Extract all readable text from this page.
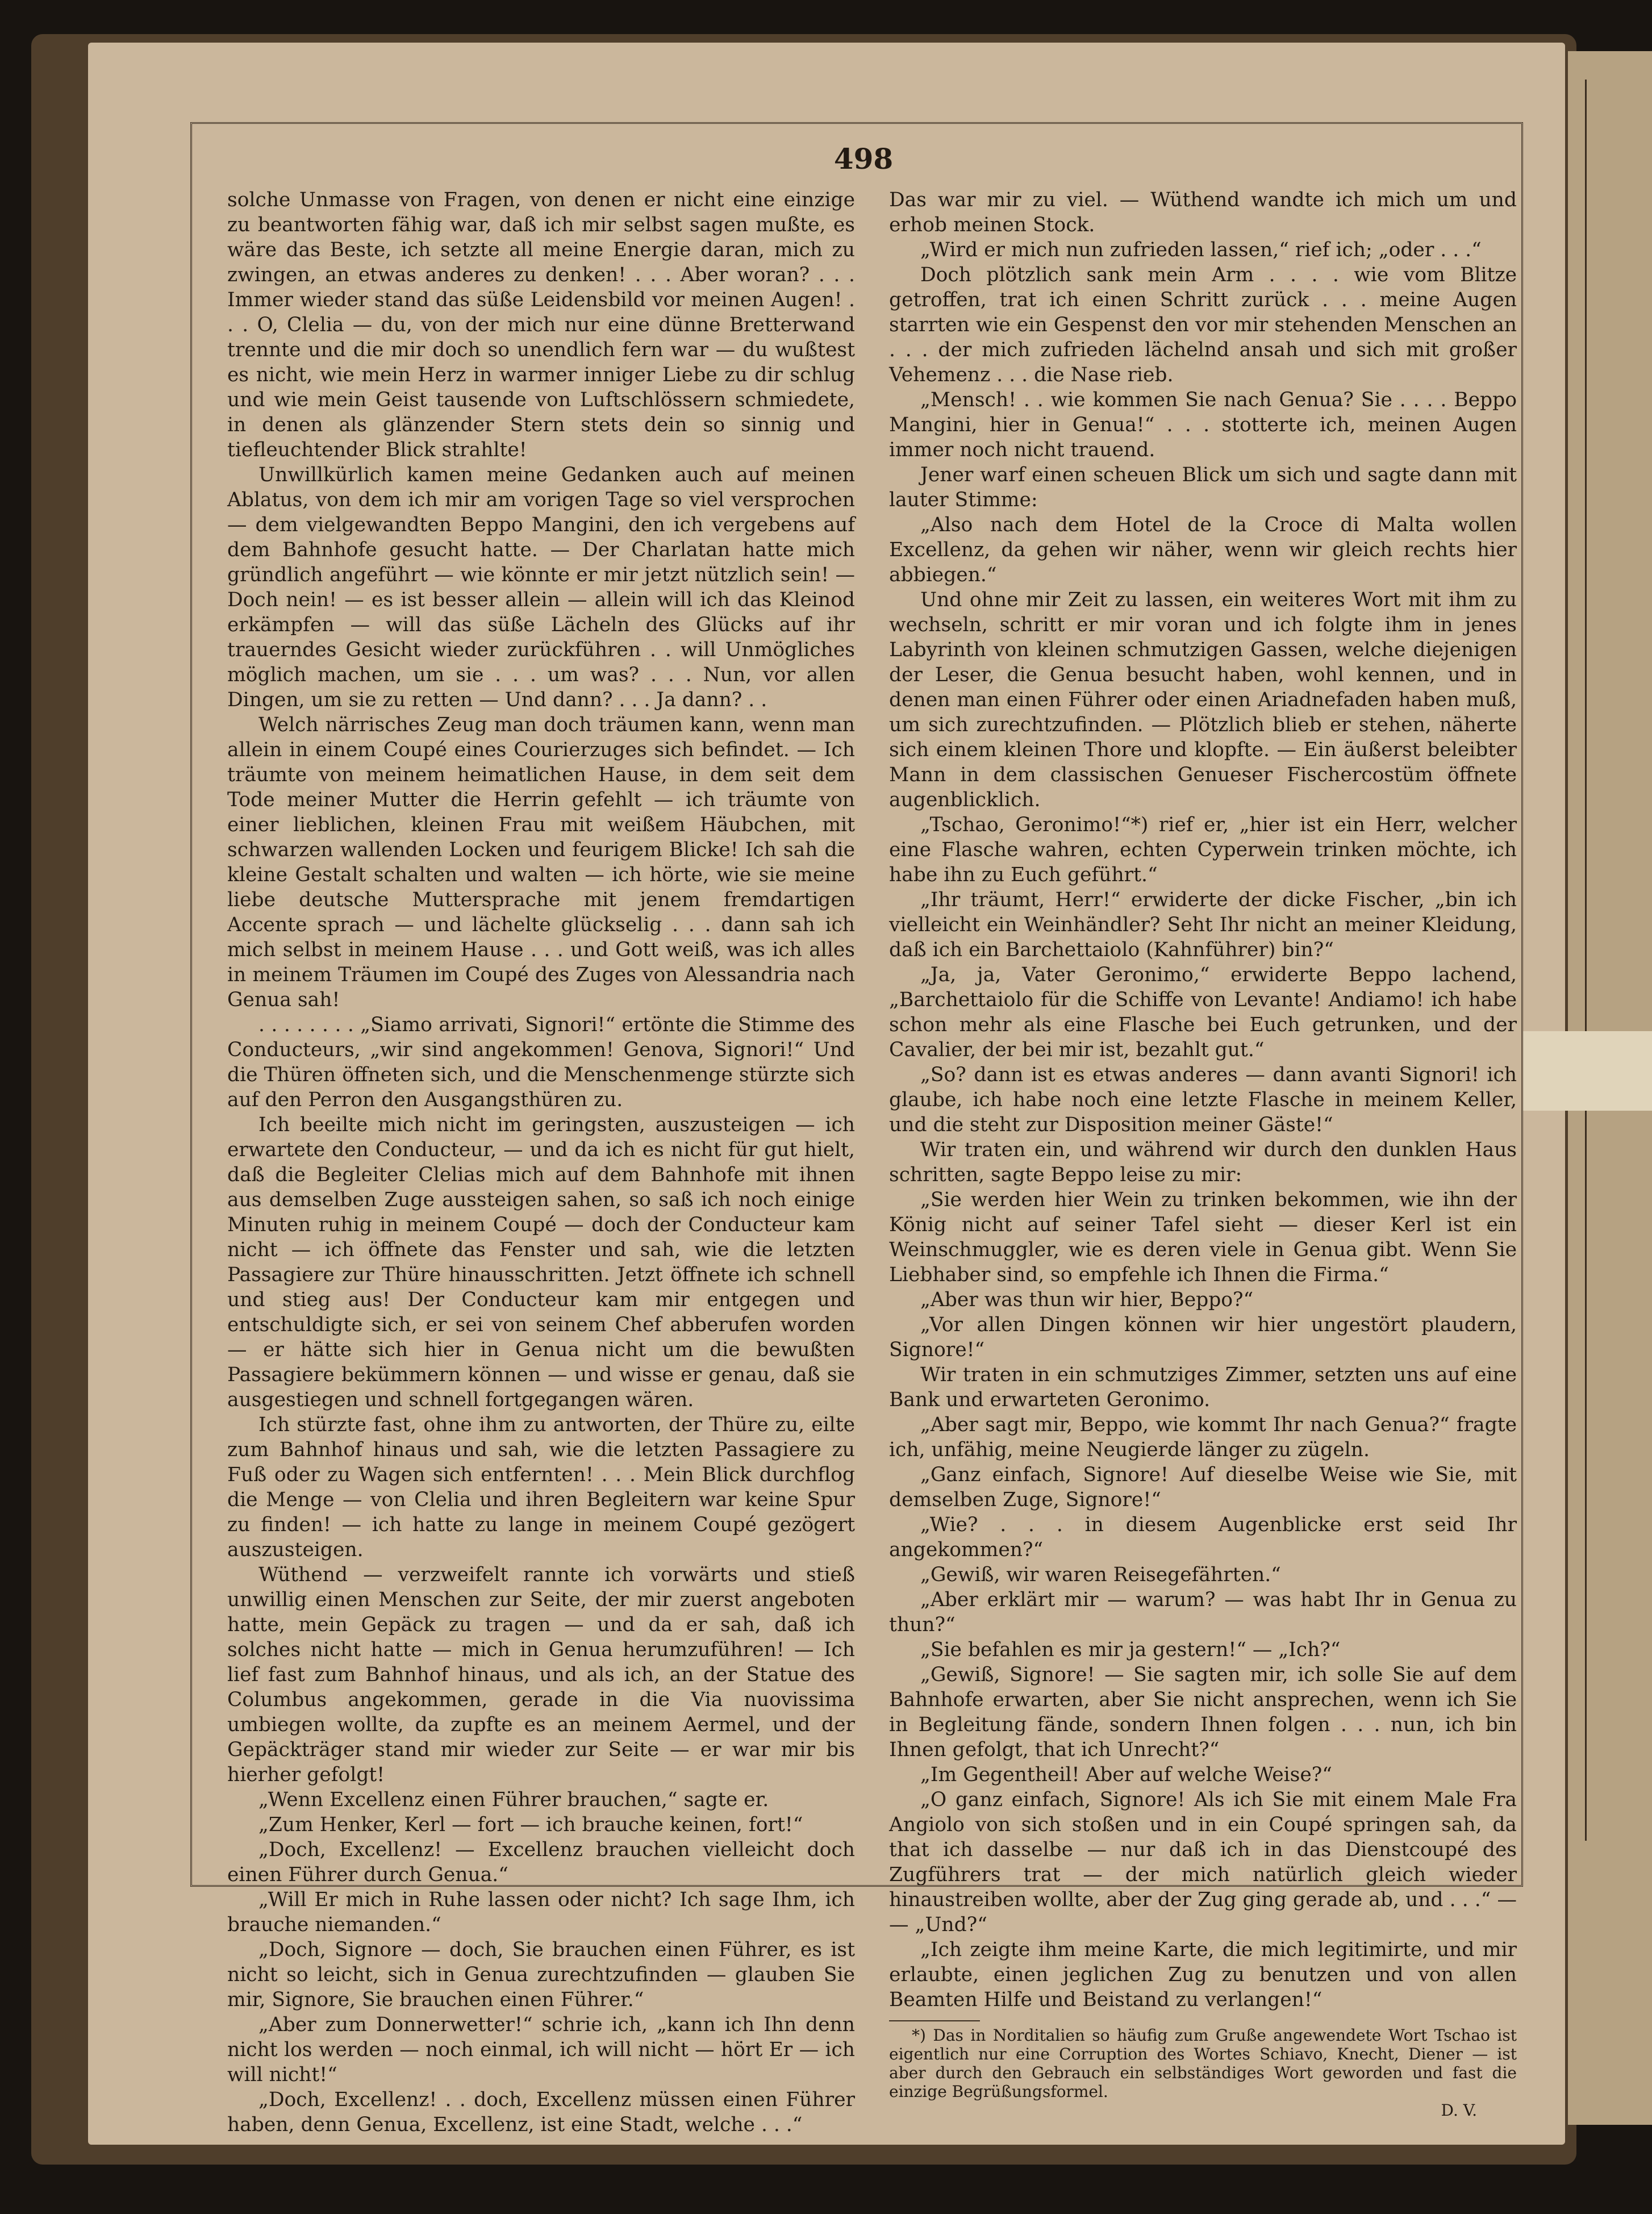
498

solche Unmasse von Fragen, von denen er nicht eine einzige zu beantworten fähig war, daß ich mir selbst sagen mußte, es wäre das Beste, ich setzte all meine Energie daran, mich zu zwingen, an etwas anderes zu denken! . . . Aber woran? . . . Immer wieder stand das süße Leidensbild vor meinen Augen! . . . O, Clelia — du, von der mich nur eine dünne Bretterwand trennte und die mir doch so unendlich fern war — du wußtest es nicht, wie mein Herz in warmer inniger Liebe zu dir schlug und wie mein Geist tausende von Luftschlössern schmiedete, in denen als glänzender Stern stets dein so sinnig und tiefleuchtender Blick strahlte!

Unwillkürlich kamen meine Gedanken auch auf meinen Ablatus, von dem ich mir am vorigen Tage so viel versprochen — dem vielgewandten Beppo Mangini, den ich vergebens auf dem Bahnhofe gesucht hatte. — Der Charlatan hatte mich gründlich angeführt — wie könnte er mir jetzt nützlich sein! — Doch nein! — es ist besser allein — allein will ich das Kleinod erkämpfen — will das süße Lächeln des Glücks auf ihr trauerndes Gesicht wieder zurückführen . . will Unmögliches möglich machen, um sie . . . um was? . . . Nun, vor allen Dingen, um sie zu retten — Und dann? . . . Ja dann? . .

Welch närrisches Zeug man doch träumen kann, wenn man allein in einem Coupé eines Courierzuges sich befindet. — Ich träumte von meinem heimatlichen Hause, in dem seit dem Tode meiner Mutter die Herrin gefehlt — ich träumte von einer lieblichen, kleinen Frau mit weißem Häubchen, mit schwarzen wallenden Locken und feurigem Blicke! Ich sah die kleine Gestalt schalten und walten — ich hörte, wie sie meine liebe deutsche Muttersprache mit jenem fremdartigen Accente sprach — und lächelte glückselig . . . dann sah ich mich selbst in meinem Hause . . . und Gott weiß, was ich alles in meinem Träumen im Coupé des Zuges von Alessandria nach Genua sah!

. . . . . . . . „Siamo arrivati, Signori!“ ertönte die Stimme des Conducteurs, „wir sind angekommen! Genova, Signori!“ Und die Thüren öffneten sich, und die Menschenmenge stürzte sich auf den Perron den Ausgangsthüren zu.

Ich beeilte mich nicht im geringsten, auszusteigen — ich erwartete den Conducteur, — und da ich es nicht für gut hielt, daß die Begleiter Clelias mich auf dem Bahnhofe mit ihnen aus demselben Zuge aussteigen sahen, so saß ich noch einige Minuten ruhig in meinem Coupé — doch der Conducteur kam nicht — ich öffnete das Fenster und sah, wie die letzten Passagiere zur Thüre hinausschritten. Jetzt öffnete ich schnell und stieg aus! Der Conducteur kam mir entgegen und entschuldigte sich, er sei von seinem Chef abberufen worden — er hätte sich hier in Genua nicht um die bewußten Passagiere bekümmern können — und wisse er genau, daß sie ausgestiegen und schnell fortgegangen wären.

Ich stürzte fast, ohne ihm zu antworten, der Thüre zu, eilte zum Bahnhof hinaus und sah, wie die letzten Passagiere zu Fuß oder zu Wagen sich entfernten! . . . Mein Blick durchflog die Menge — von Clelia und ihren Begleitern war keine Spur zu finden! — ich hatte zu lange in meinem Coupé gezögert auszusteigen.

Wüthend — verzweifelt rannte ich vorwärts und stieß unwillig einen Menschen zur Seite, der mir zuerst angeboten hatte, mein Gepäck zu tragen — und da er sah, daß ich solches nicht hatte — mich in Genua herumzuführen! — Ich lief fast zum Bahnhof hinaus, und als ich, an der Statue des Columbus angekommen, gerade in die Via nuovissima umbiegen wollte, da zupfte es an meinem Aermel, und der Gepäckträger stand mir wieder zur Seite — er war mir bis hierher gefolgt!

„Wenn Excellenz einen Führer brauchen,“ sagte er.

„Zum Henker, Kerl — fort — ich brauche keinen, fort!“

„Doch, Excellenz! — Excellenz brauchen vielleicht doch einen Führer durch Genua.“

„Will Er mich in Ruhe lassen oder nicht? Ich sage Ihm, ich brauche niemanden.“

„Doch, Signore — doch, Sie brauchen einen Führer, es ist nicht so leicht, sich in Genua zurechtzufinden — glauben Sie mir, Signore, Sie brauchen einen Führer.“

„Aber zum Donnerwetter!“ schrie ich, „kann ich Ihn denn nicht los werden — noch einmal, ich will nicht — hört Er — ich will nicht!“

„Doch, Excellenz! . . doch, Excellenz müssen einen Führer haben, denn Genua, Excellenz, ist eine Stadt, welche . . .“

Das war mir zu viel. — Wüthend wandte ich mich um und erhob meinen Stock.

„Wird er mich nun zufrieden lassen,“ rief ich; „oder . . .“

Doch plötzlich sank mein Arm . . . . wie vom Blitze getroffen, trat ich einen Schritt zurück . . . meine Augen starrten wie ein Gespenst den vor mir stehenden Menschen an . . . der mich zufrieden lächelnd ansah und sich mit großer Vehemenz . . . die Nase rieb.

„Mensch! . . wie kommen Sie nach Genua? Sie . . . . Beppo Mangini, hier in Genua!“ . . . stotterte ich, meinen Augen immer noch nicht trauend.

Jener warf einen scheuen Blick um sich und sagte dann mit lauter Stimme:

„Also nach dem Hotel de la Croce di Malta wollen Excellenz, da gehen wir näher, wenn wir gleich rechts hier abbiegen.“

Und ohne mir Zeit zu lassen, ein weiteres Wort mit ihm zu wechseln, schritt er mir voran und ich folgte ihm in jenes Labyrinth von kleinen schmutzigen Gassen, welche diejenigen der Leser, die Genua besucht haben, wohl kennen, und in denen man einen Führer oder einen Ariadnefaden haben muß, um sich zurechtzufinden. — Plötzlich blieb er stehen, näherte sich einem kleinen Thore und klopfte. — Ein äußerst beleibter Mann in dem classischen Genueser Fischercostüm öffnete augenblicklich.

„Tschao, Geronimo!“*) rief er, „hier ist ein Herr, welcher eine Flasche wahren, echten Cyperwein trinken möchte, ich habe ihn zu Euch geführt.“

„Ihr träumt, Herr!“ erwiderte der dicke Fischer, „bin ich vielleicht ein Weinhändler? Seht Ihr nicht an meiner Kleidung, daß ich ein Barchettaiolo (Kahnführer) bin?“

„Ja, ja, Vater Geronimo,“ erwiderte Beppo lachend, „Barchettaiolo für die Schiffe von Levante! Andiamo! ich habe schon mehr als eine Flasche bei Euch getrunken, und der Cavalier, der bei mir ist, bezahlt gut.“

„So? dann ist es etwas anderes — dann avanti Signori! ich glaube, ich habe noch eine letzte Flasche in meinem Keller, und die steht zur Disposition meiner Gäste!“

Wir traten ein, und während wir durch den dunklen Haus schritten, sagte Beppo leise zu mir:

„Sie werden hier Wein zu trinken bekommen, wie ihn der König nicht auf seiner Tafel sieht — dieser Kerl ist ein Weinschmuggler, wie es deren viele in Genua gibt. Wenn Sie Liebhaber sind, so empfehle ich Ihnen die Firma.“

„Aber was thun wir hier, Beppo?“

„Vor allen Dingen können wir hier ungestört plaudern, Signore!“

Wir traten in ein schmutziges Zimmer, setzten uns auf eine Bank und erwarteten Geronimo.

„Aber sagt mir, Beppo, wie kommt Ihr nach Genua?“ fragte ich, unfähig, meine Neugierde länger zu zügeln.

„Ganz einfach, Signore! Auf dieselbe Weise wie Sie, mit demselben Zuge, Signore!“

„Wie? . . . in diesem Augenblicke erst seid Ihr angekommen?“

„Gewiß, wir waren Reisegefährten.“

„Aber erklärt mir — warum? — was habt Ihr in Genua zu thun?“

„Sie befahlen es mir ja gestern!“ — „Ich?“

„Gewiß, Signore! — Sie sagten mir, ich solle Sie auf dem Bahnhofe erwarten, aber Sie nicht ansprechen, wenn ich Sie in Begleitung fände, sondern Ihnen folgen . . . nun, ich bin Ihnen gefolgt, that ich Unrecht?“

„Im Gegentheil! Aber auf welche Weise?“

„O ganz einfach, Signore! Als ich Sie mit einem Male Fra Angiolo von sich stoßen und in ein Coupé springen sah, da that ich dasselbe — nur daß ich in das Dienstcoupé des Zugführers trat — der mich natürlich gleich wieder hinaustreiben wollte, aber der Zug ging gerade ab, und . . .“ — — „Und?“

„Ich zeigte ihm meine Karte, die mich legitimirte, und mir erlaubte, einen jeglichen Zug zu benutzen und von allen Beamten Hilfe und Beistand zu verlangen!“

*) Das in Norditalien so häufig zum Gruße angewendete Wort Tschao ist eigentlich nur eine Corruption des Wortes Schiavo, Knecht, Diener — ist aber durch den Gebrauch ein selbständiges Wort geworden und fast die einzige Begrüßungsformel.

D. V.
